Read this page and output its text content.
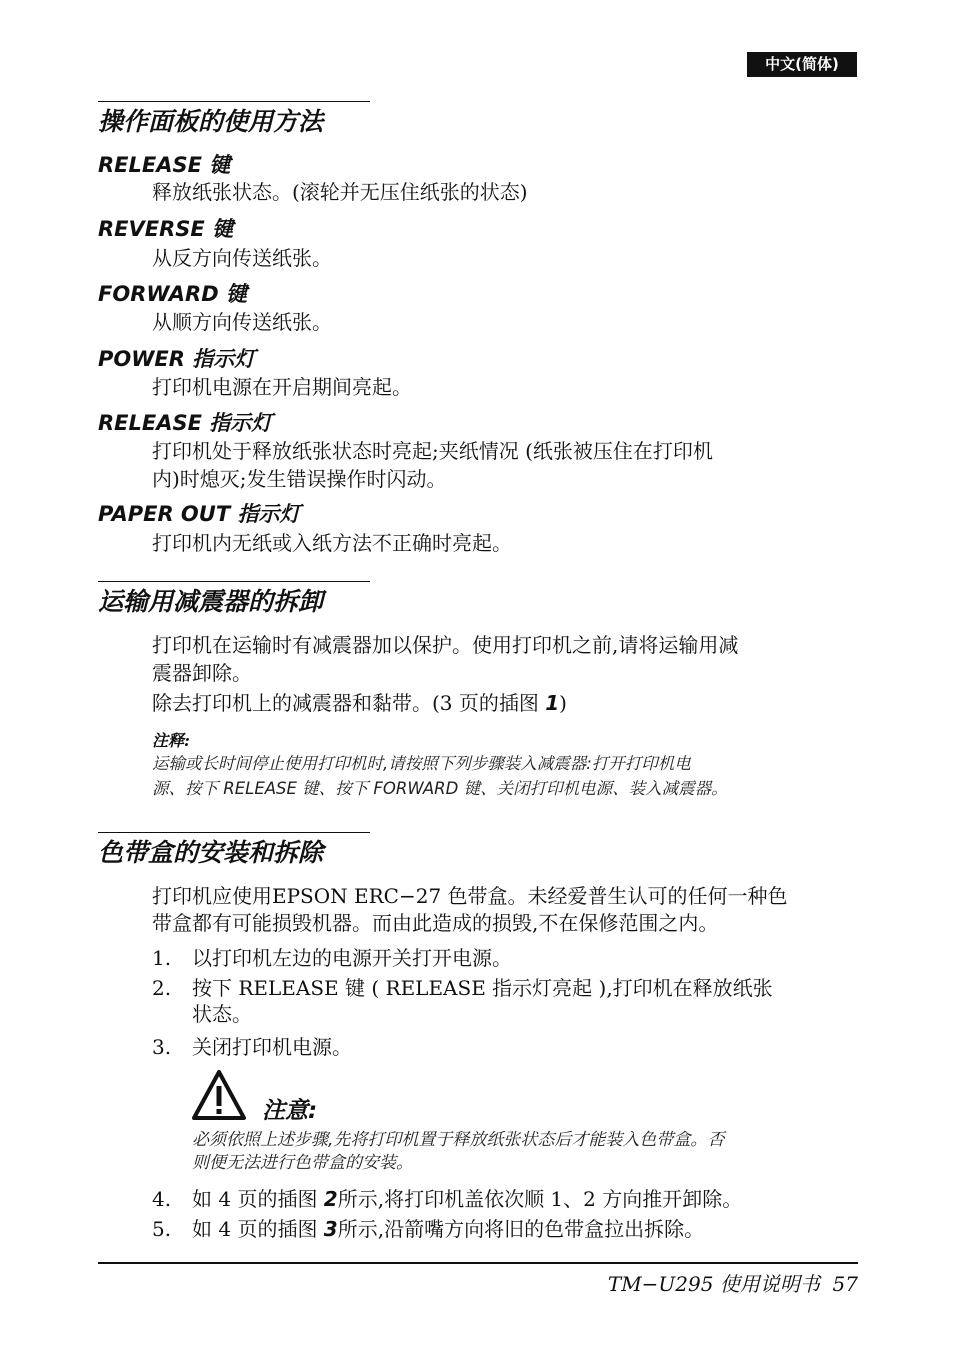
中文(简体)
操作面板的使用方法
RELEASE 键
释放纸张状态。(滚轮并无压住纸张的状态)
REVERSE 键
从反方向传送纸张。
FORWARD 键
从顺方向传送纸张。
POWER 指示灯
打印机电源在开启期间亮起。
RELEASE 指示灯
打印机处于释放纸张状态时亮起;夹纸情况 (纸张被压住在打印机
内)时熄灭;发生错误操作时闪动。
PAPER OUT 指示灯
打印机内无纸或入纸方法不正确时亮起。
运输用减震器的拆卸
打印机在运输时有减震器加以保护。使用打印机之前,请将运输用减
震器卸除。
除去打印机上的减震器和黏带。(3 页的插图 1)
注释:
运输或长时间停止使用打印机时,请按照下列步骤装入减震器:打开打印机电
源、按下 RELEASE 键、按下 FORWARD 键、关闭打印机电源、装入减震器。
色带盒的安装和拆除
打印机应使用EPSON ERC−27 色带盒。未经爱普生认可的任何一种色
带盒都有可能损毁机器。而由此造成的损毁,不在保修范围之内。
1. 以打印机左边的电源开关打开电源。
2. 按下 RELEASE 键 ( RELEASE 指示灯亮起 ),打印机在释放纸张
状态。
3. 关闭打印机电源。
注意:
必须依照上述步骤,先将打印机置于释放纸张状态后才能装入色带盒。否
则便无法进行色带盒的安装。
4. 如 4 页的插图 2所示,将打印机盖依次顺 1、2 方向推开卸除。
5. 如 4 页的插图 3所示,沿箭嘴方向将旧的色带盒拉出拆除。
TM−U295 使用说明书 57
